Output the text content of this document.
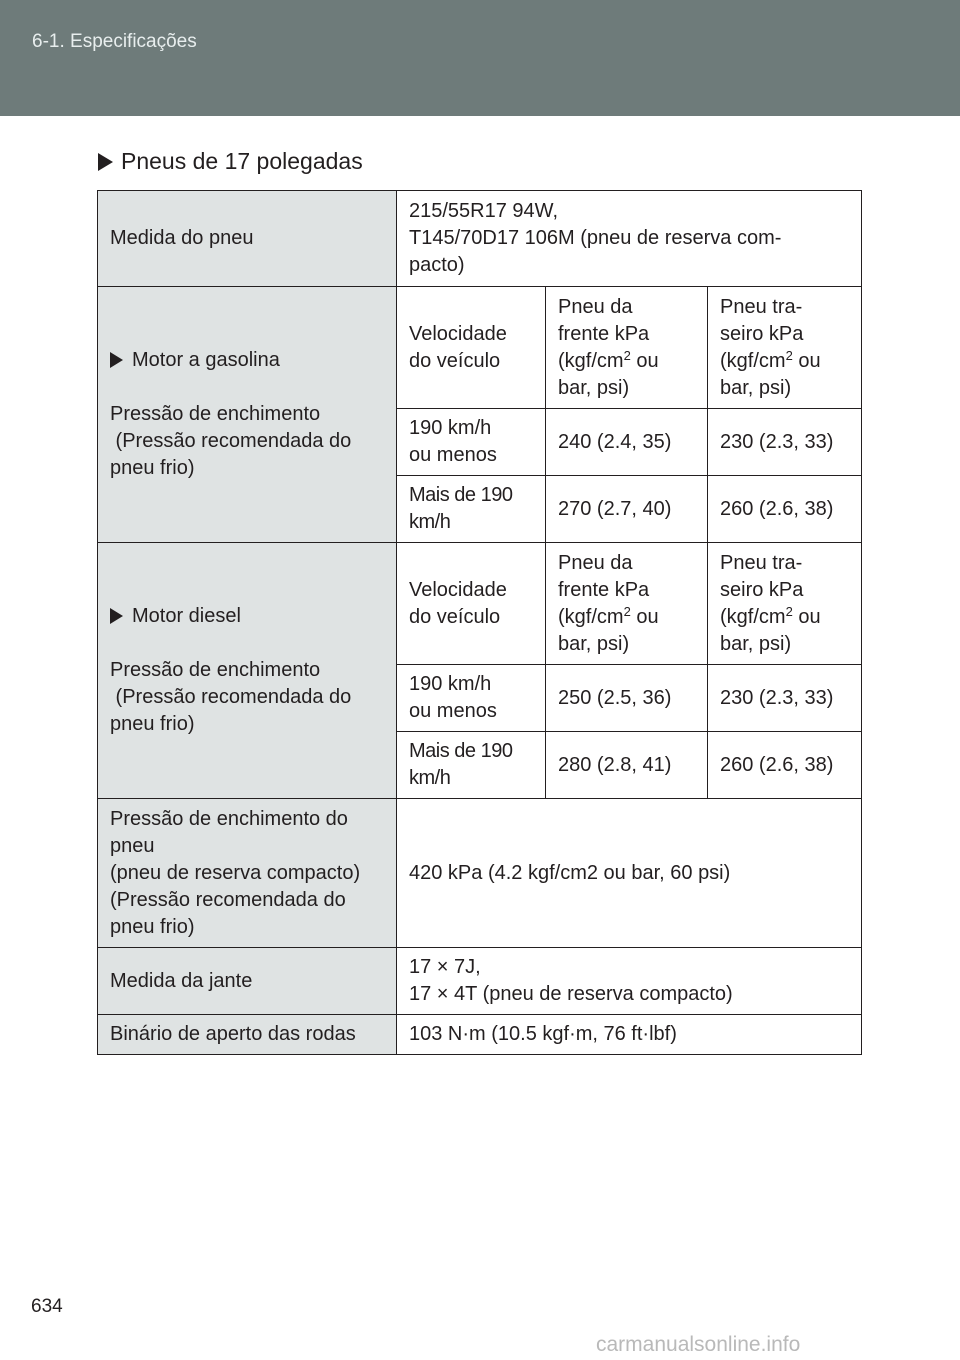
6-1. Especificações
Pneus de 17 polegadas
Medida do pneu	215/55R17 94W,
T145/70D17 106M (pneu de reserva com-
pacto)		

Motor a gasolina
Pressão de enchimento
(Pressão recomendada do
pneu frio)	Velocidade
do veículo	Pneu da
frente kPa
($kgf/cm^2$ ou
bar, psi)	Pneu tra-
seiro kPa
($kgf/cm^2$ ou
bar, psi)
	190 km/h
ou menos	240 (2.4, 35)	230 (2.3, 33)
	Mais de 190
km/h	270 (2.7, 40)	260 (2.6, 38)

Motor diesel
Pressão de enchimento
(Pressão recomendada do
pneu frio)	Velocidade
do veículo	Pneu da
frente kPa
($kgf/cm^2$ ou
bar, psi)	Pneu tra-
seiro kPa
($kgf/cm^2$ ou
bar, psi)
	190 km/h
ou menos	250 (2.5, 36)	230 (2.3, 33)
	Mais de 190
km/h	280 (2.8, 41)	260 (2.6, 38)
Pressão de enchimento do
pneu
(pneu de reserva compacto)
(Pressão recomendada do
pneu frio)	420 kPa (4.2 kgf/cm2 ou bar, 60 psi)		
Medida da jante	17 × 7J,
17 × 4T (pneu de reserva compacto)		
Binário de aperto das rodas	103 N·m (10.5 kgf·m, 76 ft·lbf)		
634
carmanualsonline.info
